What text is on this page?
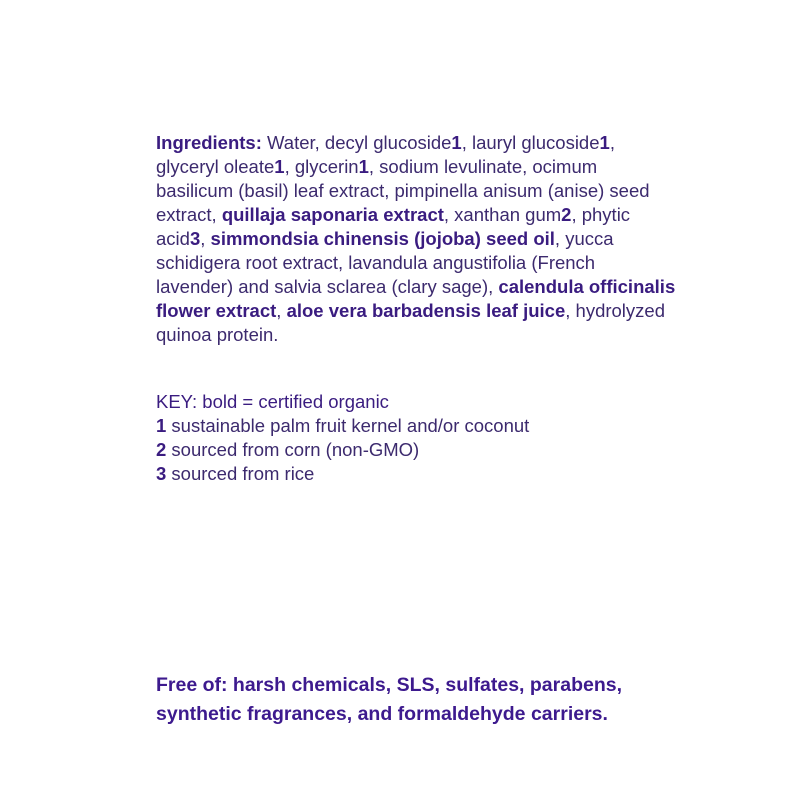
Ingredients: Water, decyl glucoside1, lauryl glucoside1, glyceryl oleate1, glycerin1, sodium levulinate, ocimum basilicum (basil) leaf extract, pimpinella anisum (anise) seed extract, quillaja saponaria extract, xanthan gum2, phytic acid3, simmondsia chinensis (jojoba) seed oil, yucca schidigera root extract, lavandula angustifolia (French lavender) and salvia sclarea (clary sage), calendula officinalis flower extract, aloe vera barbadensis leaf juice, hydrolyzed quinoa protein.
KEY: bold = certified organic
1 sustainable palm fruit kernel and/or coconut
2 sourced from corn (non-GMO)
3 sourced from rice
Free of: harsh chemicals, SLS, sulfates, parabens, synthetic fragrances, and formaldehyde carriers.
